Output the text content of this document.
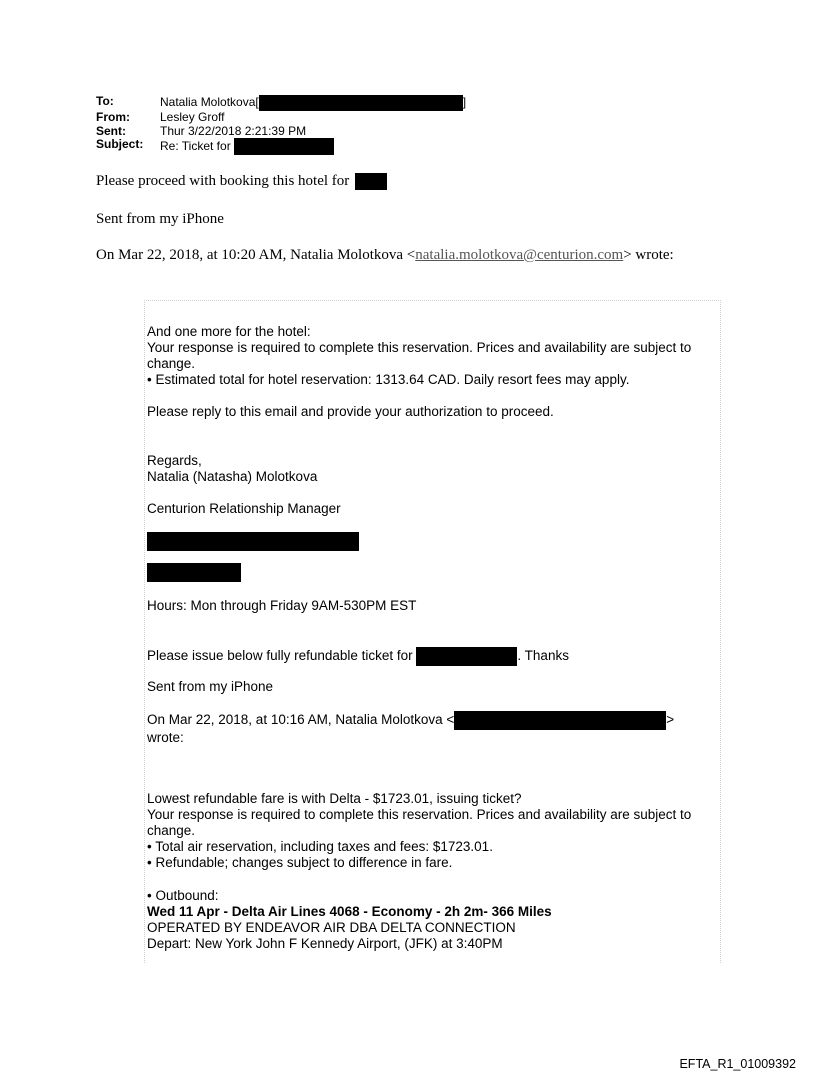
To:	Natalia Molotkova[	]
From:	Lesley Groff
Sent:	Thur 3/22/2018 2:21:39 PM
Subject:	Re: Ticket for
Please proceed with booking this hotel for
Sent from my iPhone
On Mar 22, 2018, at 10:20 AM, Natalia Molotkova <natalia.molotkova@centurion.com> wrote:
And one more for the hotel:
Your response is required to complete this reservation. Prices and availability are subject to
change.
• Estimated total for hotel reservation: 1313.64 CAD. Daily resort fees may apply.
Please reply to this email and provide your authorization to proceed.
Regards,
Natalia (Natasha) Molotkova
Centurion Relationship Manager
Hours: Mon through Friday 9AM-530PM EST
Please issue below fully refundable ticket for	. Thanks
Sent from my iPhone
On Mar 22, 2018, at 10:16 AM, Natalia Molotkova <	>
wrote:
Lowest refundable fare is with Delta - $1723.01, issuing ticket?
Your response is required to complete this reservation. Prices and availability are subject to
change.
• Total air reservation, including taxes and fees: $1723.01.
• Refundable; changes subject to difference in fare.
• Outbound:
Wed 11 Apr - Delta Air Lines 4068 - Economy - 2h 2m- 366 Miles
OPERATED BY ENDEAVOR AIR DBA DELTA CONNECTION
Depart: New York John F Kennedy Airport, (JFK) at 3:40PM
EFTA_R1_01009392
